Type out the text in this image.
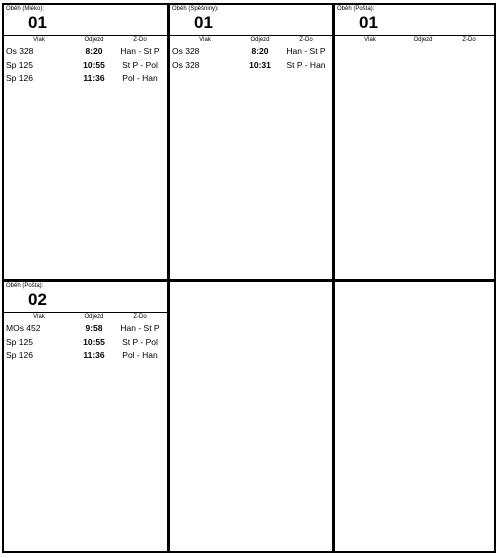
Oběh (Mléko):
01
Vlak	Odjezd	Z-Do
Os 328	8:20	Han - St P
Sp 125	10:55	St P - Pol
Sp 126	11:36	Pol - Han
Oběh (Spěšniny):
01
Vlak	Odjezd	Z-Do
Os 328	8:20	Han - St P
Os 328	10:31	St P - Han
Oběh (Pošta):
01
Vlak	Odjezd	Z-Do
Oběh (Pošta):
02
Vlak	Odjezd	Z-Do
MOs 452	9:58	Han - St P
Sp 125	10:55	St P - Pol
Sp 126	11:36	Pol - Han
